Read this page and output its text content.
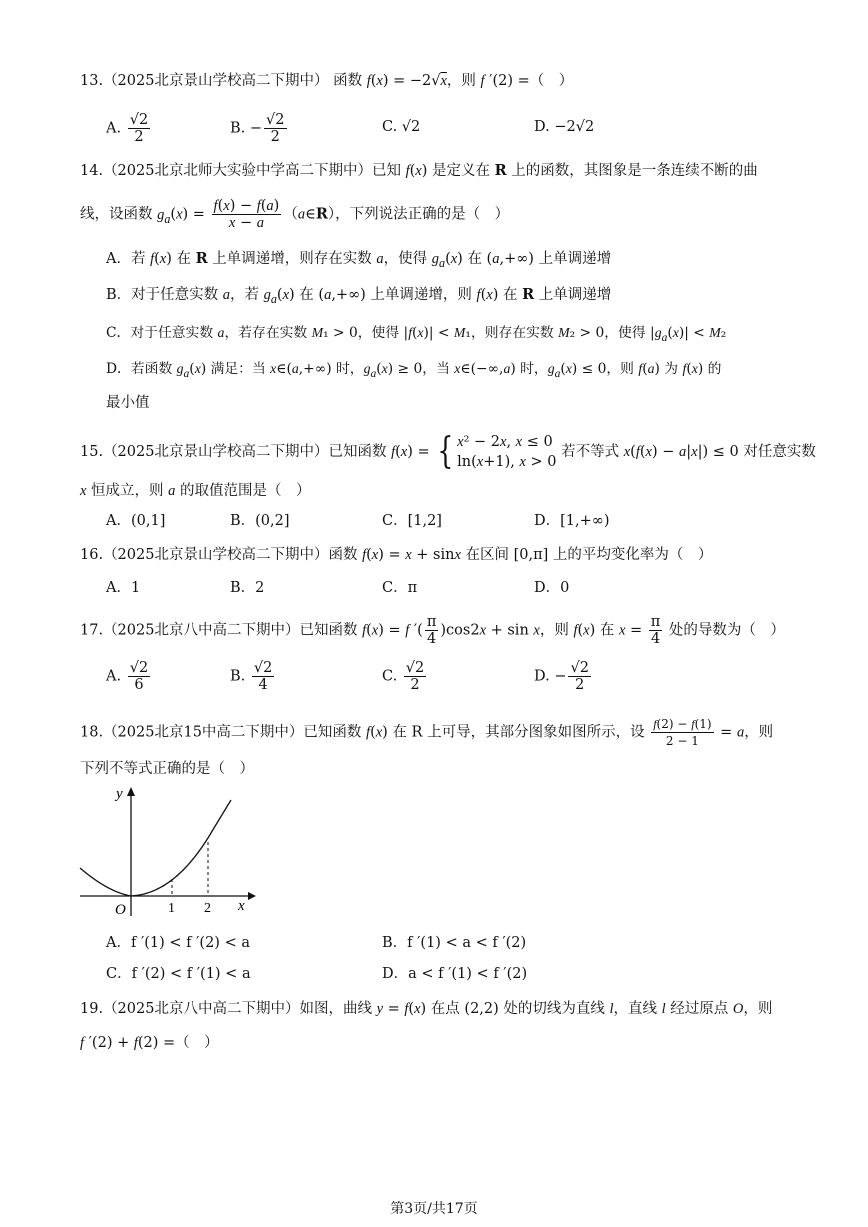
13.（2025北京景山学校高二下期中） 函数 f(x) = −2√x，则 f ′(2) =（　）
A. $\frac{√2}{2}$	B. − $\frac{√2}{2}$	C. √2	D. −2√2
14.（2025北京北师大实验中学高二下期中）已知 f(x) 是定义在 R 上的函数，其图象是一条连续不断的曲
线，设函数 $g_a(x) = \frac{f(x) - f(a)}{x - a}$ （a∈R），下列说法正确的是（　）
A．若 f(x) 在 R 上单调递增，则存在实数 a，使得 $g_a(x)$ 在 (a,+∞) 上单调递增
B．对于任意实数 a，若 $g_a(x)$ 在 (a,+∞) 上单调递增，则 f(x) 在 R 上单调递增
C．对于任意实数 a，若存在实数 M₁ > 0，使得 |f(x)| < M₁，则存在实数 M₂ > 0，使得 $|g_a(x)| < M_2$
D．若函数 $g_a(x)$ 满足：当 x∈(a,+∞) 时，$g_a(x) \ge 0$，当 x∈(−∞,a) 时，$g_a(x) \le 0$，则 f(a) 为 f(x) 的
最小值
15.（2025北京景山学校高二下期中）已知函数 f(x) = { x² − 2x, x ≤ 0
ln(x+1), x > 0
若不等式 x(f(x) − a|x|) ≤ 0 对任意实数
x 恒成立，则 a 的取值范围是（　）
A．(0,1]	B．(0,2]	C．[1,2]	D．[1,+∞)
16.（2025北京景山学校高二下期中）函数 f(x) = x + sinx 在区间 [0,π] 上的平均变化率为（　）
A．1	B．2	C．π	D．0
17.（2025北京八中高二下期中）已知函数 f(x) = f ′( $\frac{\pi}{4} )\cos 2x + \sin x$，则 f(x) 在 $x = \frac{\pi}{4}$ 处的导数为（　）
A. $\frac{√2}{6}$	B. $\frac{√2}{4}$	C. $\frac{√2}{2}$	D. − $\frac{√2}{2}$
18.（2025北京15中高二下期中）已知函数 f(x) 在 R 上可导，其部分图象如图所示，设 $\frac{f(2) - f(1)}{2 - 1} = a$，则
下列不等式正确的是（　）
y
x
O	1 2
A．f ′(1) < f ′(2) < a	B．f ′(1) < a < f ′(2)
C．f ′(2) < f ′(1) < a	D．a < f ′(1) < f ′(2)
19.（2025北京八中高二下期中）如图，曲线 y = f(x) 在点 (2,2) 处的切线为直线 l，直线 l 经过原点 O，则
f ′(2) + f(2) =（　）
第3页/共17页
